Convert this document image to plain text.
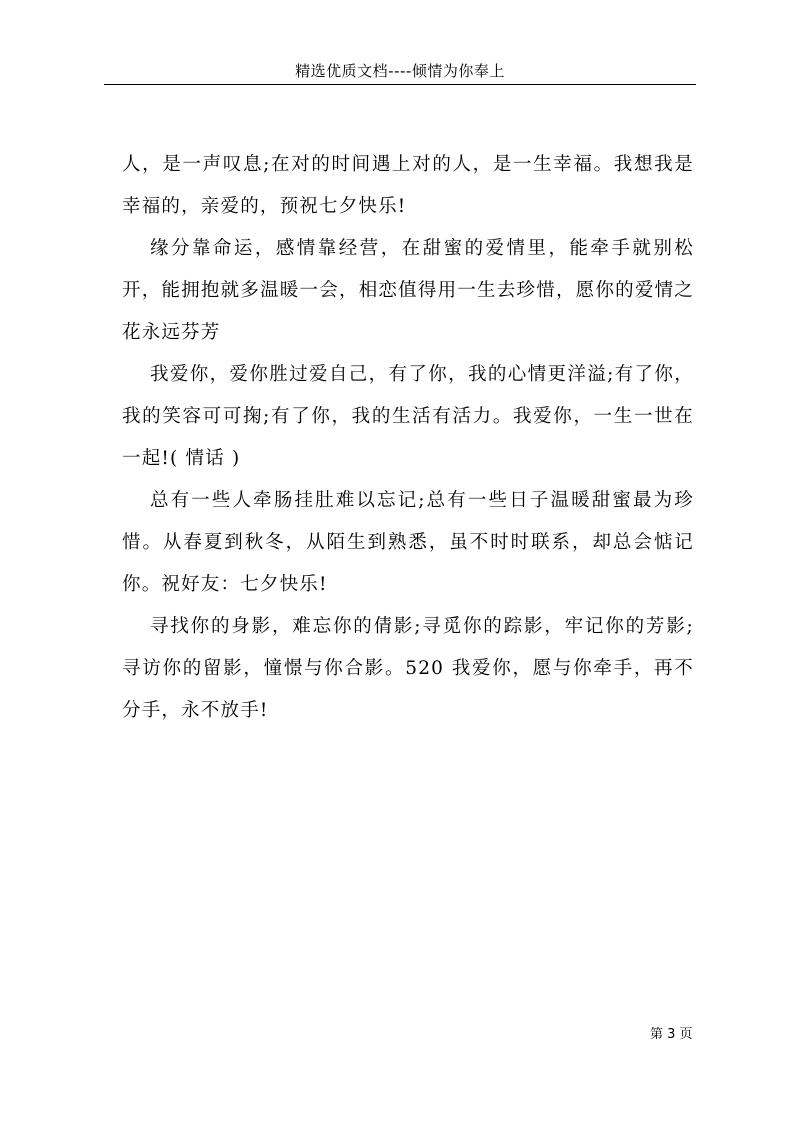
精选优质文档----倾情为你奉上

人，是一声叹息;在对的时间遇上对的人，是一生幸福。我想我是幸福的，亲爱的，预祝七夕快乐!

缘分靠命运，感情靠经营，在甜蜜的爱情里，能牵手就别松开，能拥抱就多温暖一会，相恋值得用一生去珍惜，愿你的爱情之花永远芬芳

我爱你，爱你胜过爱自己，有了你，我的心情更洋溢;有了你，我的笑容可可掬;有了你，我的生活有活力。我爱你，一生一世在一起!( 情话 )

总有一些人牵肠挂肚难以忘记;总有一些日子温暖甜蜜最为珍惜。从春夏到秋冬，从陌生到熟悉，虽不时时联系，却总会惦记你。祝好友：七夕快乐!

寻找你的身影，难忘你的倩影;寻觅你的踪影，牢记你的芳影;寻访你的留影，憧憬与你合影。520 我爱你，愿与你牵手，再不分手，永不放手!

第 3 页
